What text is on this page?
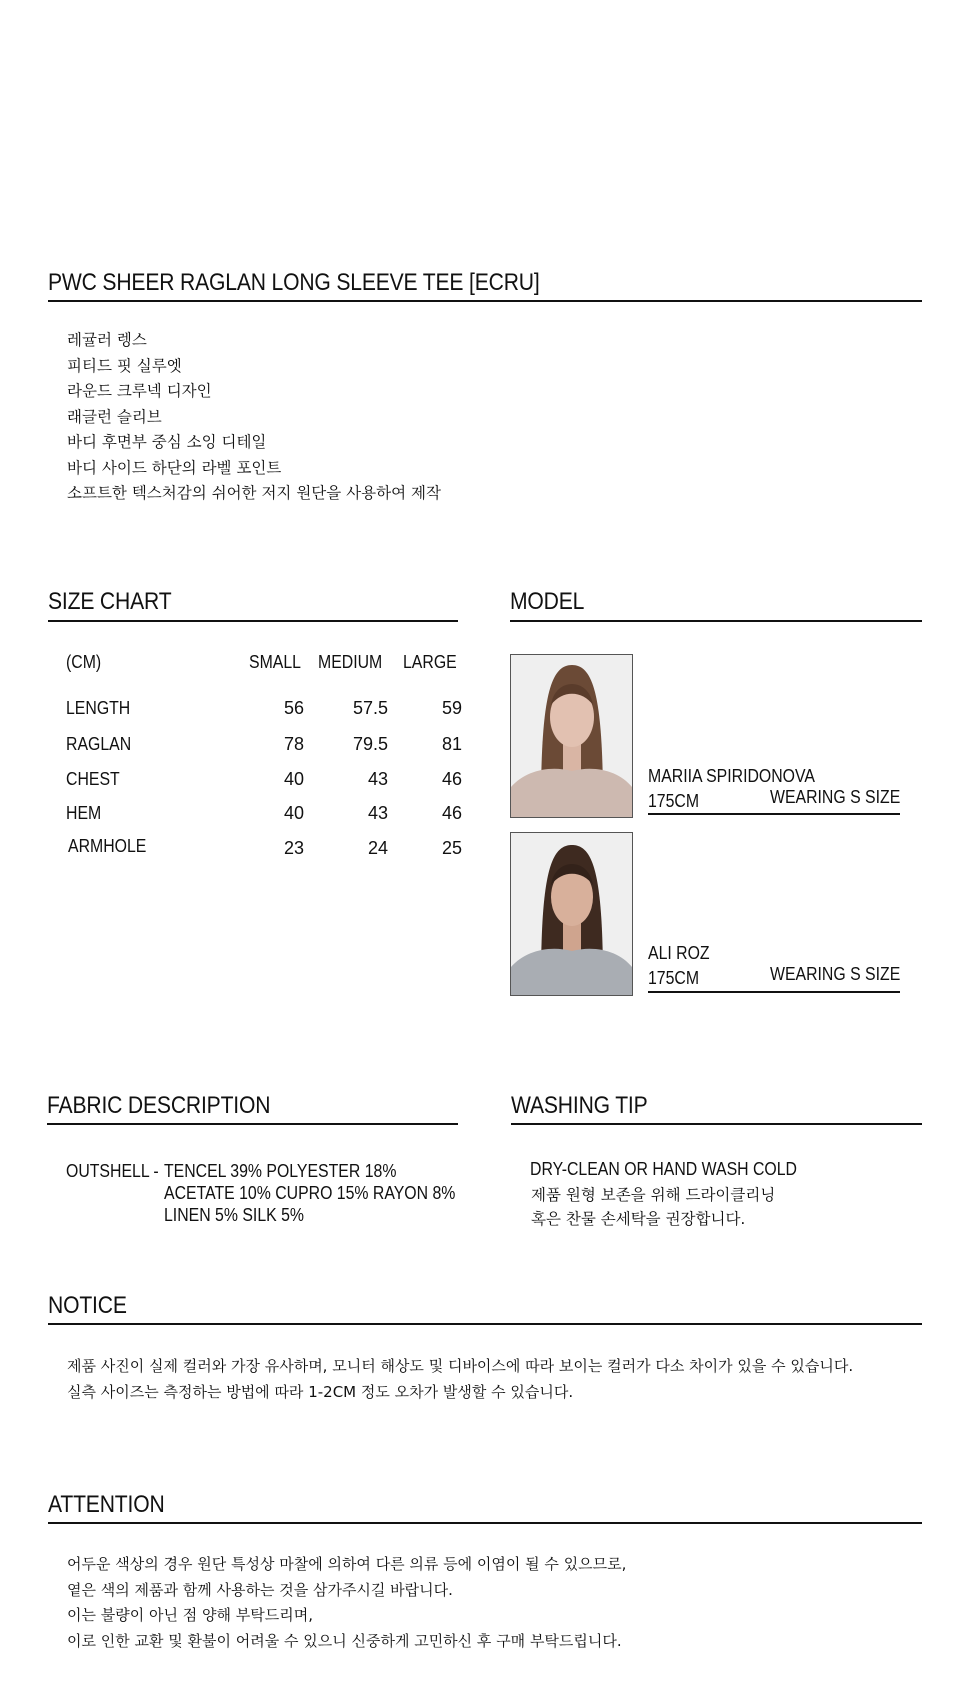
PWC SHEER RAGLAN LONG SLEEVE TEE [ECRU]
레귤러 렝스
피티드 핏 실루엣
라운드 크루넥 디자인
래글런 슬리브
바디 후면부 중심 소잉 디테일
바디 사이드 하단의 라벨 포인트
소프트한 텍스처감의 쉬어한 저지 원단을 사용하여 제작
SIZE CHART
(CM)	SMALL MEDIUM LARGE
LENGTH	56	57.5	59
RAGLAN	78	79.5	81
CHEST	40	43	46
HEM	40	43	46
ARMHOLE	23	24	25
MODEL
MARIIA SPIRIDONOVA
175CM	WEARING S SIZE
ALI ROZ
175CM	WEARING S SIZE
FABRIC DESCRIPTION
OUTSHELL - TENCEL 39% POLYESTER 18%
ACETATE 10% CUPRO 15% RAYON 8%
LINEN 5% SILK 5%
WASHING TIP
DRY-CLEAN OR HAND WASH COLD
제품 원형 보존을 위해 드라이클리닝
혹은 찬물 손세탁을 권장합니다.
NOTICE
제품 사진이 실제 컬러와 가장 유사하며, 모니터 해상도 및 디바이스에 따라 보이는 컬러가 다소 차이가 있을 수 있습니다.
실측 사이즈는 측정하는 방법에 따라 1-2CM 정도 오차가 발생할 수 있습니다.
ATTENTION
어두운 색상의 경우 원단 특성상 마찰에 의하여 다른 의류 등에 이염이 될 수 있으므로,
옅은 색의 제품과 함께 사용하는 것을 삼가주시길 바랍니다.
이는 불량이 아닌 점 양해 부탁드리며,
이로 인한 교환 및 환불이 어려울 수 있으니 신중하게 고민하신 후 구매 부탁드립니다.
